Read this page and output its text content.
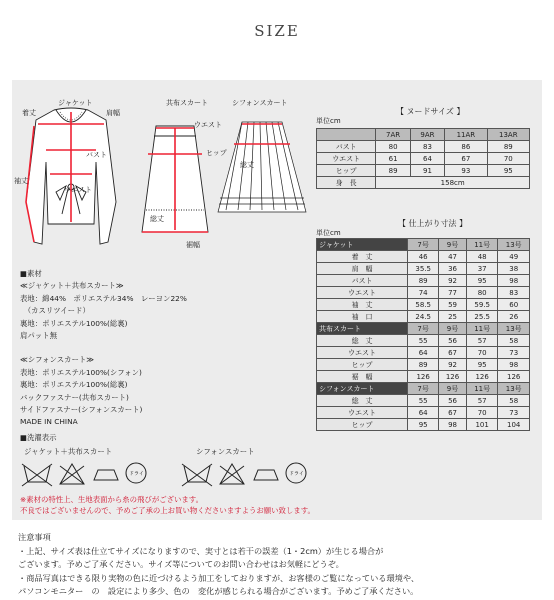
SIZE
ジャケット	共布スカート	シフォンスカート
着丈	肩幅
バスト
ウエスト
袖丈
ウエスト
ヒップ
総丈
裾幅
総丈
単位cm
【 ヌードサイズ 】
	7AR	9AR	11AR	13AR
バスト	80	83	86	89
ウエスト	61	64	67	70
ヒップ	89	91	93	95
身　長	158cm			
単位cm
【 仕上がり寸法 】
ジャケット	7号	9号	11号	13号
着　丈	46	47	48	49
肩　幅	35.5	36	37	38
バスト	89	92	95	98
ウエスト	74	77	80	83
袖　丈	58.5	59	59.5	60
袖　口	24.5	25	25.5	26
共布スカート	7号	9号	11号	13号
総　丈	55	56	57	58
ウエスト	64	67	70	73
ヒップ	89	92	95	98
裾　幅	126	126	126	126
シフォンスカート	7号	9号	11号	13号
総　丈	55	56	57	58
ウエスト	64	67	70	73
ヒップ	95	98	101	104
■素材
≪ジャケット＋共布スカート≫
表地：綿44%　ポリエステル34%　レーヨン22%
　（カスリツイード）
裏地：ポリエステル100%(総裏)
肩パット無
≪シフォンスカート≫
表地：ポリエステル100%(シフォン)
裏地：ポリエステル100%(総裏)
バックファスナー(共布スカート)
サイドファスナー(シフォンスカート)
MADE IN CHINA
■洗濯表示
ジャケット＋共布スカート	シフォンスカート
ドライ	ドライ
※素材の特性上、生地表面から糸の飛びがございます。
不良ではございませんので、予めご了承の上お買い物くださいますようお願い致します。
注意事項
・上記、サイズ表は仕立てサイズになりますので、実寸とは若干の誤差（1・2cm）が生じる場合が
ございます。予めご了承ください。サイズ等についてのお問い合わせはお気軽にどうぞ。
・商品写真はできる限り実物の色に近づけるよう加工をしておりますが、お客様のご覧になっている環境や、
パソコンモニター　の　設定により多少、色の　変化が感じられる場合がございます。予めご了承ください。
